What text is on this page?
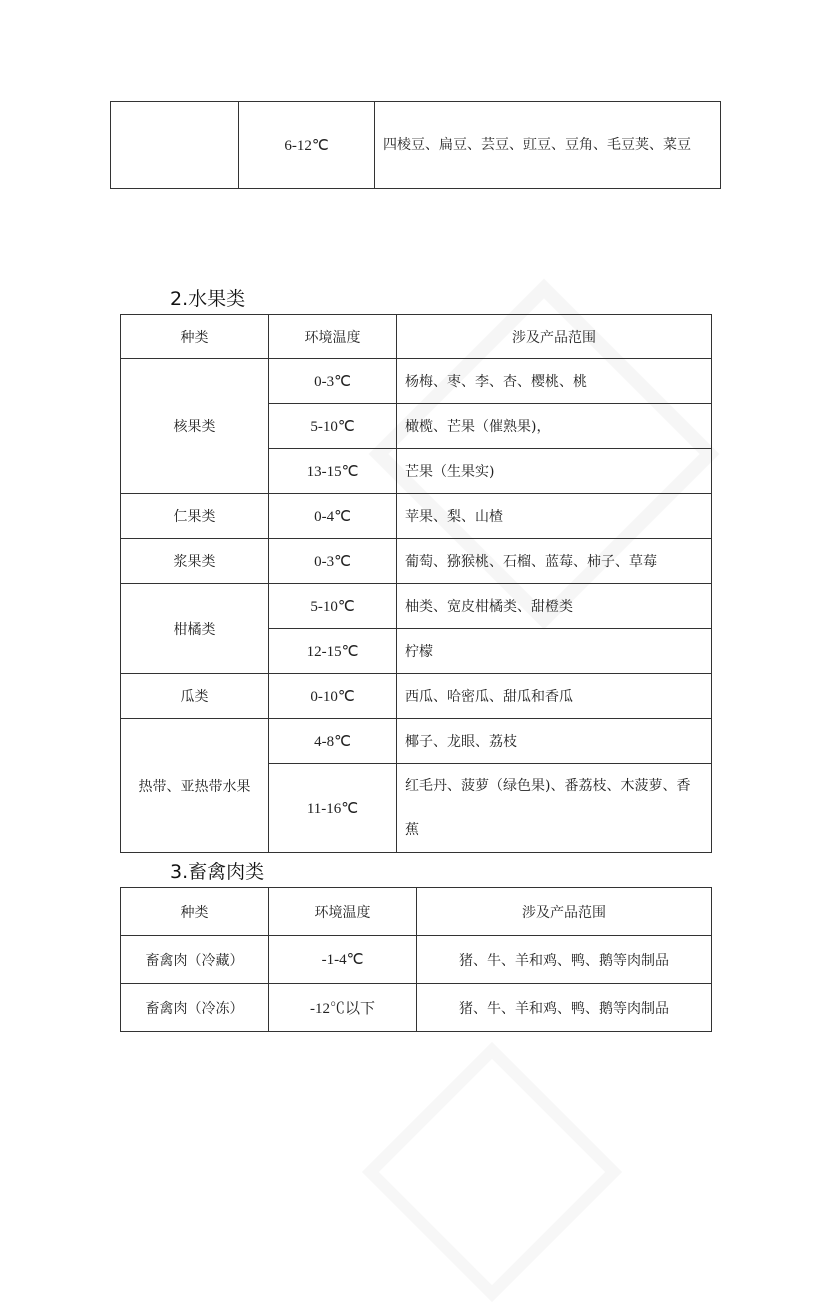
	6-12℃	四棱豆、扁豆、芸豆、豇豆、豆角、毛豆荚、菜豆
2.水果类
种类	环境温度	涉及产品范围
核果类	0-3℃	杨梅、枣、李、杏、樱桃、桃
	5-10℃	橄榄、芒果（催熟果)，
	13-15℃	芒果（生果实)
仁果类	0-4℃	苹果、梨、山楂
浆果类	0-3℃	葡萄、猕猴桃、石榴、蓝莓、柿子、草莓
柑橘类	5-10℃	柚类、宽皮柑橘类、甜橙类
	12-15℃	柠檬
瓜类	0-10℃	西瓜、哈密瓜、甜瓜和香瓜
热带、亚热带水果	4-8℃	椰子、龙眼、荔枝
	11-16℃	红毛丹、菠萝（绿色果)、番荔枝、木菠萝、香蕉
3.畜禽肉类
种类	环境温度	涉及产品范围
畜禽肉（冷藏）	-1-4℃	猪、牛、羊和鸡、鸭、鹅等肉制品
畜禽肉（冷冻）	-12℃以下	猪、牛、羊和鸡、鸭、鹅等肉制品
